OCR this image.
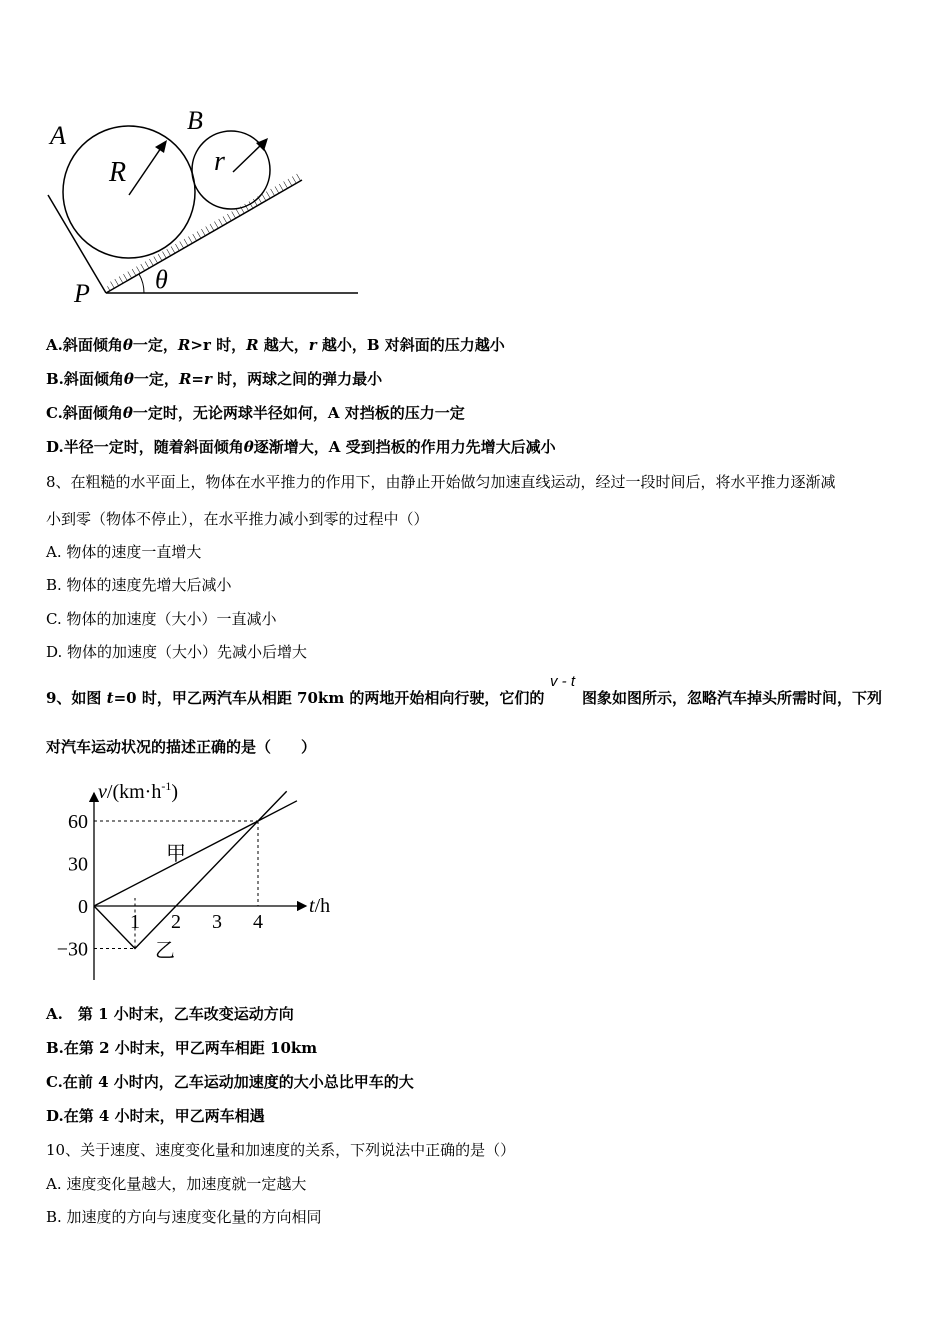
A
B
R	r
P	θ
A.斜面倾角θ一定，R>r 时，R 越大，r 越小，B 对斜面的压力越小
B.斜面倾角θ一定，R=r 时，两球之间的弹力最小
C.斜面倾角θ一定时，无论两球半径如何，A 对挡板的压力一定
D.半径一定时，随着斜面倾角θ逐渐增大，A 受到挡板的作用力先增大后减小
8、在粗糙的水平面上，物体在水平推力的作用下，由静止开始做匀加速直线运动，经过一段时间后，将水平推力逐渐减
小到零（物体不停止），在水平推力减小到零的过程中（）
A. 物体的速度一直增大
B. 物体的速度先增大后减小
C. 物体的加速度（大小）一直减小
D. 物体的加速度（大小）先减小后增大
9、如图 t=0 时，甲乙两汽车从相距 70km 的两地开始相向行驶，它们的
v - t
图象如图所示，忽略汽车掉头所需时间，下列
对汽车运动状况的描述正确的是（　　）
$v/(km\cdot h^{-1})$
t/h
1 2 3 4
60
30
0
−30
甲
乙
A.　第 1 小时末，乙车改变运动方向
B.在第 2 小时末，甲乙两车相距 10km
C.在前 4 小时内，乙车运动加速度的大小总比甲车的大
D.在第 4 小时末，甲乙两车相遇
10、关于速度、速度变化量和加速度的关系，下列说法中正确的是（）
A. 速度变化量越大，加速度就一定越大
B. 加速度的方向与速度变化量的方向相同
